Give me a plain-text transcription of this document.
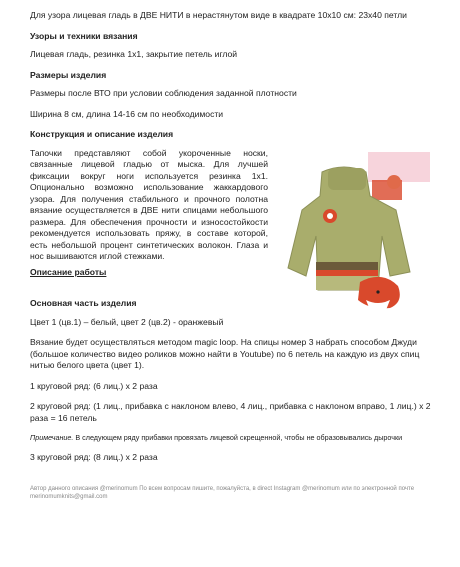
Для узора лицевая гладь в ДВЕ НИТИ в нерастянутом виде в квадрате 10х10 см: 23х40 петли

Узоры и техники вязания

Лицевая гладь, резинка 1х1, закрытие петель иглой

Размеры изделия

Размеры после ВТО при условии соблюдения заданной плотности

Ширина 8 см, длина 14-16 см по необходимости

Конструкция и описание изделия

Тапочки представляют собой укороченные носки, связанные лицевой гладью от мыска. Для лучшей фиксации вокруг ноги используется резинка 1х1. Опционально возможно использование жаккардового узора. Для получения стабильного и прочного полотна вязание осуществляется в ДВЕ нити спицами небольшого размера. Для обеспечения прочности и износостойкости рекомендуется использовать пряжу, в составе которой, есть небольшой процент синтетических волокон. Глаза и нос вышиваются иглой стежками.

Описание работы

Основная часть изделия

Цвет 1 (цв.1) – белый, цвет 2 (цв.2) - оранжевый

Вязание будет осуществляться методом magic loop. На спицы номер 3 набрать способом Джуди (большое количество видео роликов можно найти в Youtube) по 6 петель на каждую из двух спиц нитью белого цвета (цвет 1).

1 круговой ряд: (6 лиц.) х 2 раза

2 круговой ряд: (1 лиц., прибавка с наклоном влево, 4 лиц., прибавка с наклоном вправо, 1 лиц.) х 2 раза = 16 петель

Примечание. В следующем ряду прибавки провязать лицевой скрещенной, чтобы не образовывались дырочки

3 круговой ряд: (8 лиц.) х 2 раза

Автор данного описания @merinomum По всем вопросам пишите, пожалуйста, в direct Instagram @merinomum или по электронной почте merinomumknits@gmail.com
